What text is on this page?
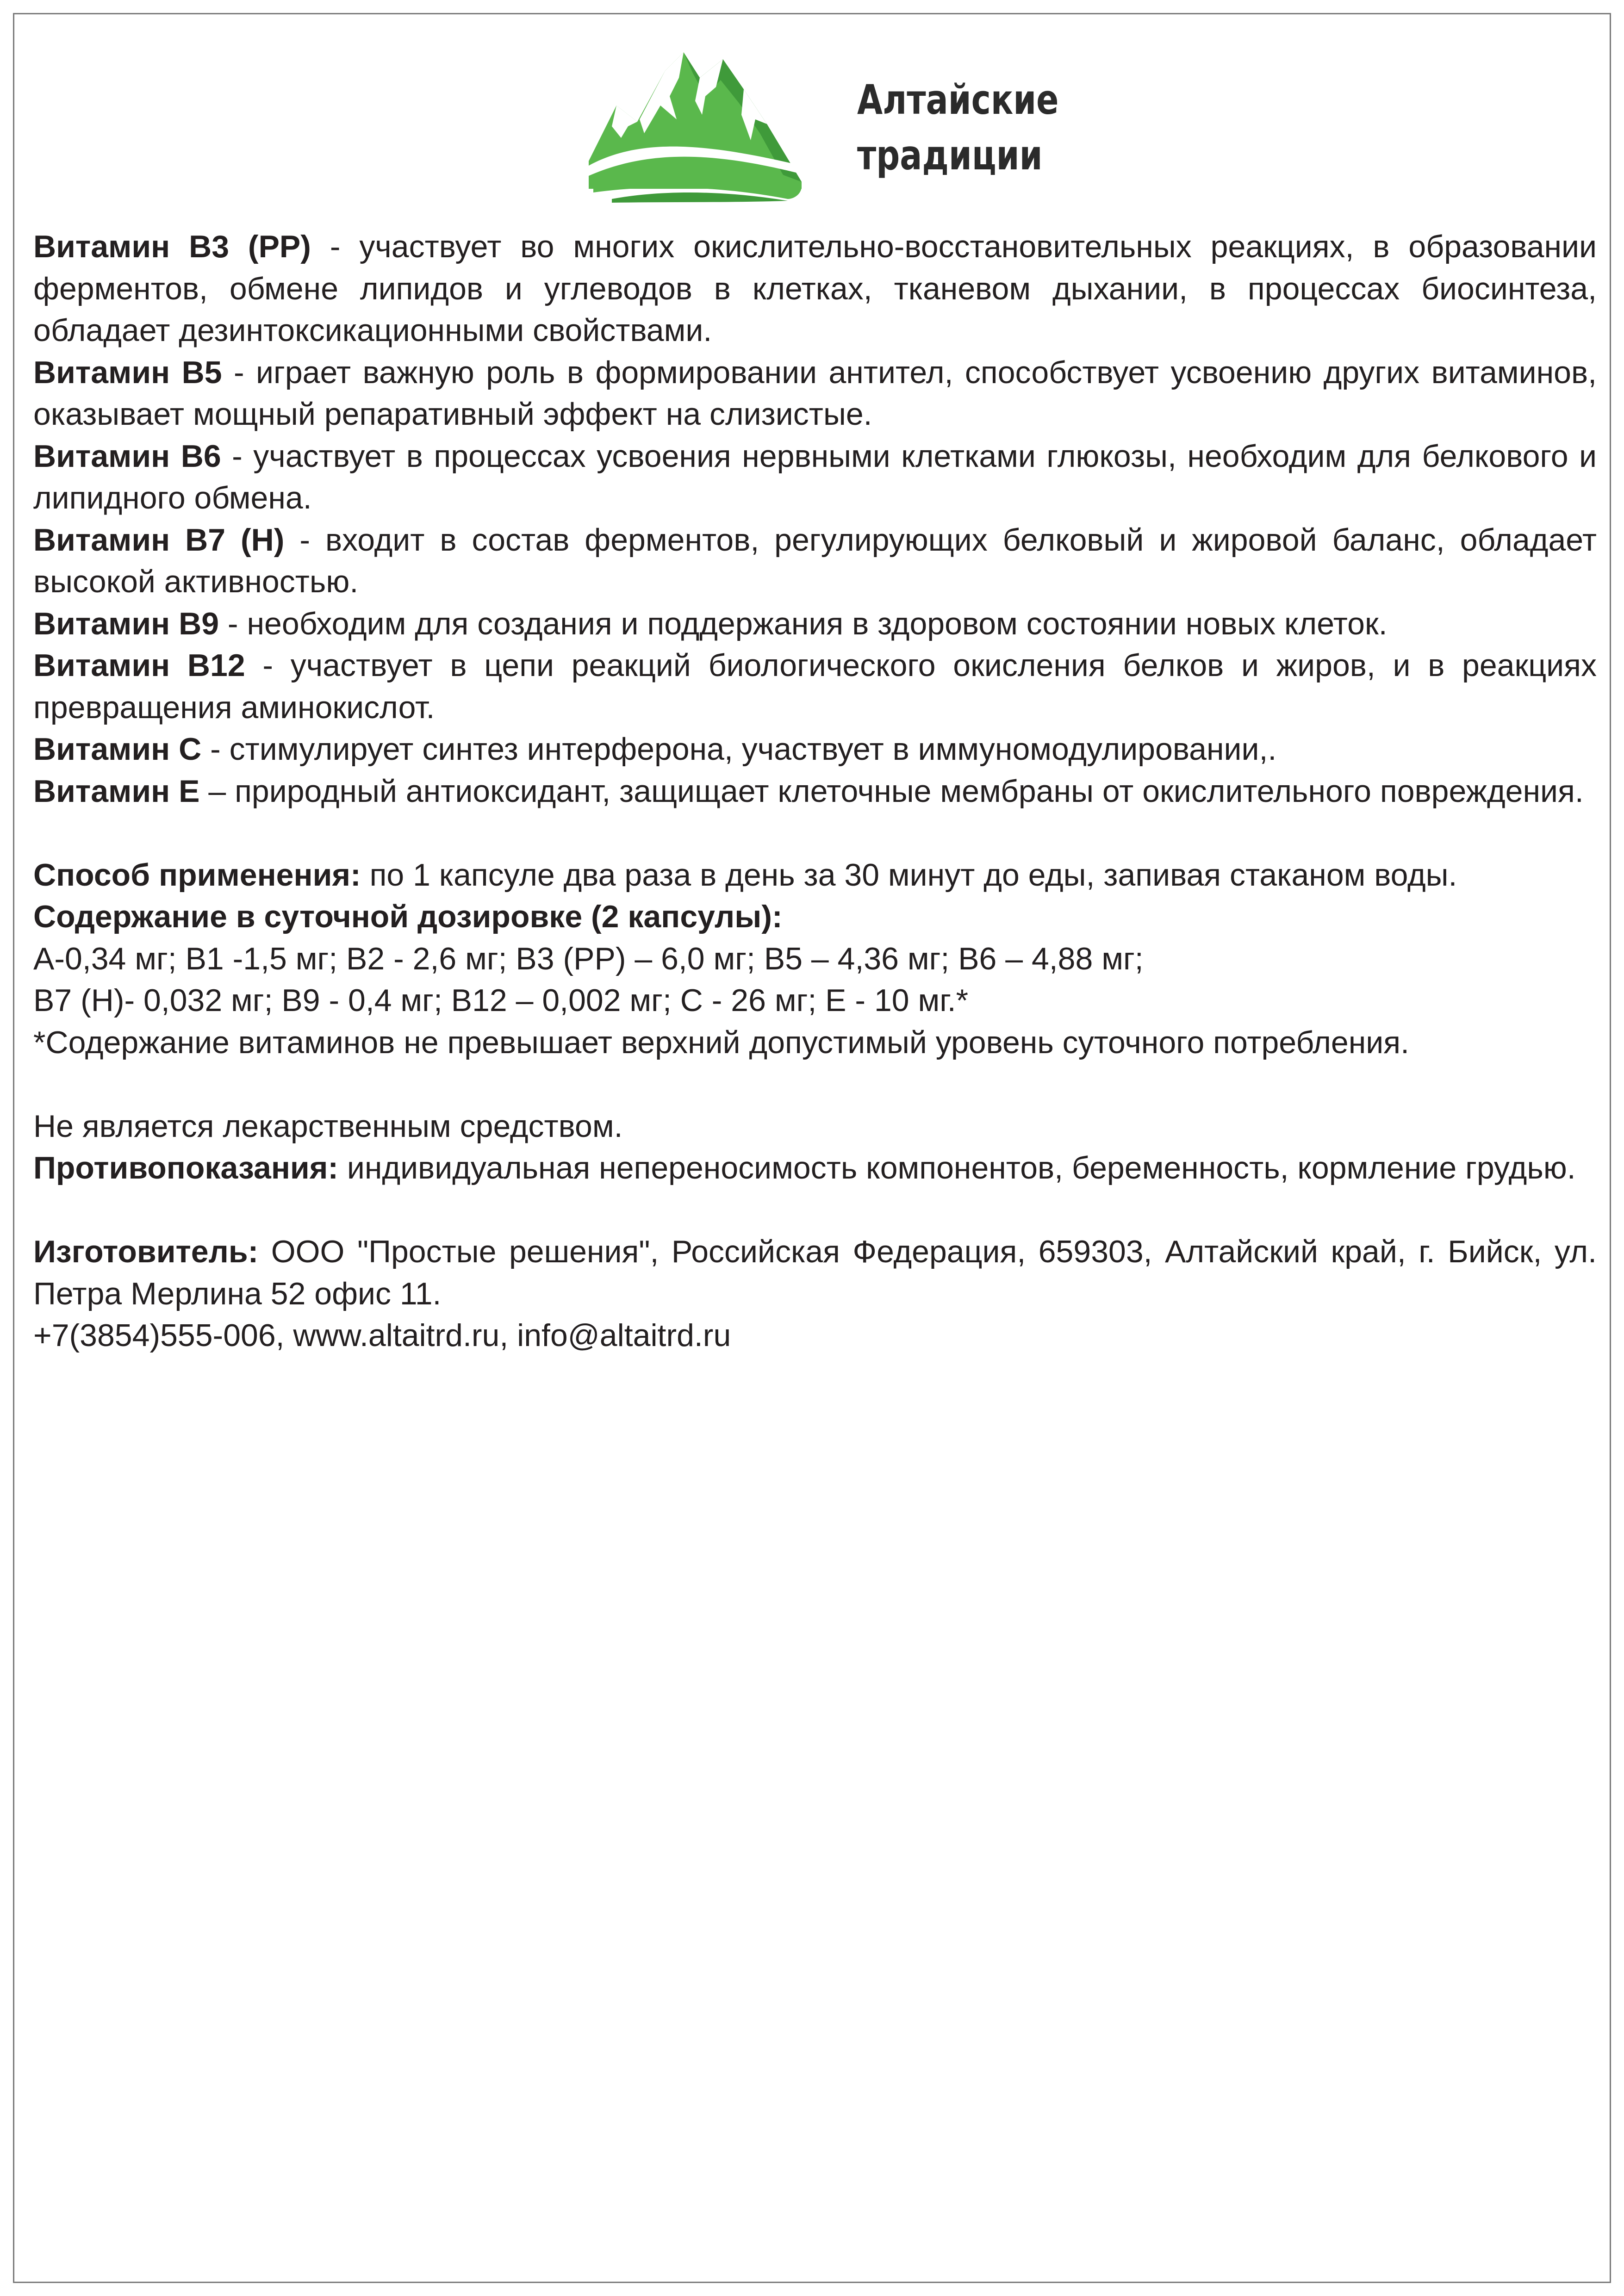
Алтайские
традиции

Витамин B3 (PP) - участвует во многих окислительно-восстановительных реакциях, в образовании ферментов, обмене липидов и углеводов в клетках, тканевом дыхании, в процессах биосинтеза, обладает дезинтоксикационными свойствами.

Витамин B5 - играет важную роль в формировании антител, способствует усвоению других витаминов, оказывает мощный репаративный эффект на слизистые.

Витамин B6 - участвует в процессах усвоения нервными клетками глюкозы, необходим для белкового и липидного обмена.

Витамин B7 (H) - входит в состав ферментов, регулирующих белковый и жировой баланс, обладает высокой активностью.

Витамин B9 - необходим для создания и поддержания в здоровом состоянии новых клеток.

Витамин B12 - участвует в цепи реакций биологического окисления белков и жиров, и в реакциях превращения аминокислот.

Витамин С - стимулирует синтез интерферона, участвует в иммуномодулировании,.

Витамин Е – природный антиоксидант, защищает клеточные мембраны от окислительного повреждения.

Способ применения: по 1 капсуле два раза в день за 30 минут до еды, запивая стаканом воды.

Содержание в суточной дозировке (2 капсулы):

А-0,34 мг; В1 -1,5 мг; В2 - 2,6 мг; В3 (PP) – 6,0 мг; В5 – 4,36 мг; В6 – 4,88 мг;

B7 (H)- 0,032 мг; В9 - 0,4 мг; В12 – 0,002 мг; С - 26 мг; Е - 10 мг.*

*Содержание витаминов не превышает верхний допустимый уровень суточного потребления.

Не является лекарственным средством.

Противопоказания: индивидуальная непереносимость компонентов, беременность, кормление грудью.

Изготовитель: ООО "Простые решения", Российская Федерация, 659303, Алтайский край, г. Бийск, ул. Петра Мерлина 52 офис 11.

+7(3854)555-006, www.altaitrd.ru, info@altaitrd.ru
